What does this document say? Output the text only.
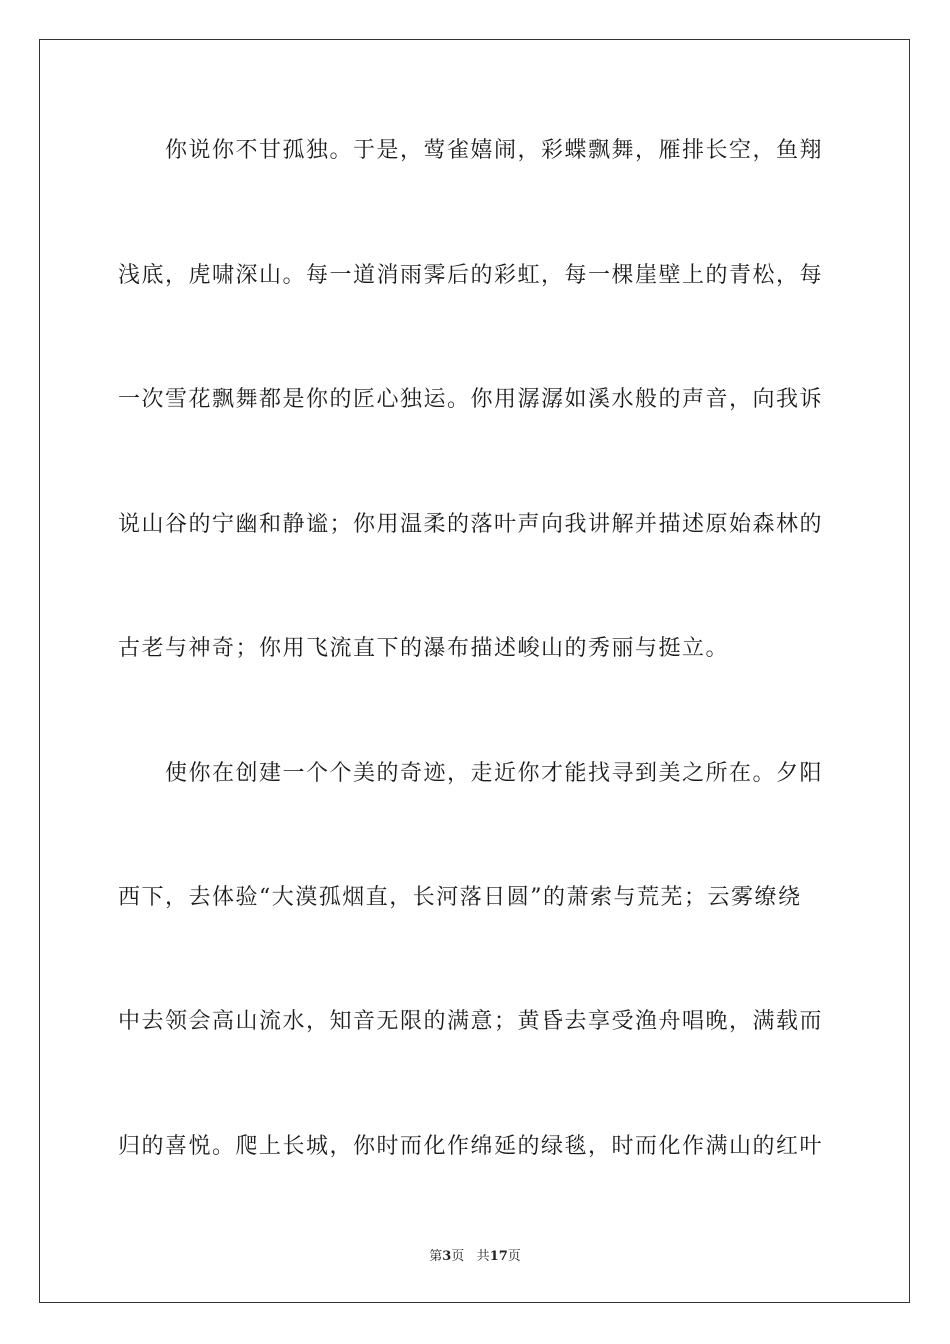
你说你不甘孤独。于是，莺雀嬉闹，彩蝶飘舞，雁排长空，鱼翔
浅底，虎啸深山。每一道消雨霁后的彩虹，每一棵崖壁上的青松，每
一次雪花飘舞都是你的匠心独运。你用潺潺如溪水般的声音，向我诉
说山谷的宁幽和静谧；你用温柔的落叶声向我讲解并描述原始森林的
古老与神奇；你用飞流直下的瀑布描述峻山的秀丽与挺立。
使你在创建一个个美的奇迹，走近你才能找寻到美之所在。夕阳
西下，去体验“大漠孤烟直，长河落日圆”的萧索与荒芜；云雾缭绕
中去领会高山流水，知音无限的满意；黄昏去享受渔舟唱晚，满载而
归的喜悦。爬上长城，你时而化作绵延的绿毯，时而化作满山的红叶
第3页 共17页
